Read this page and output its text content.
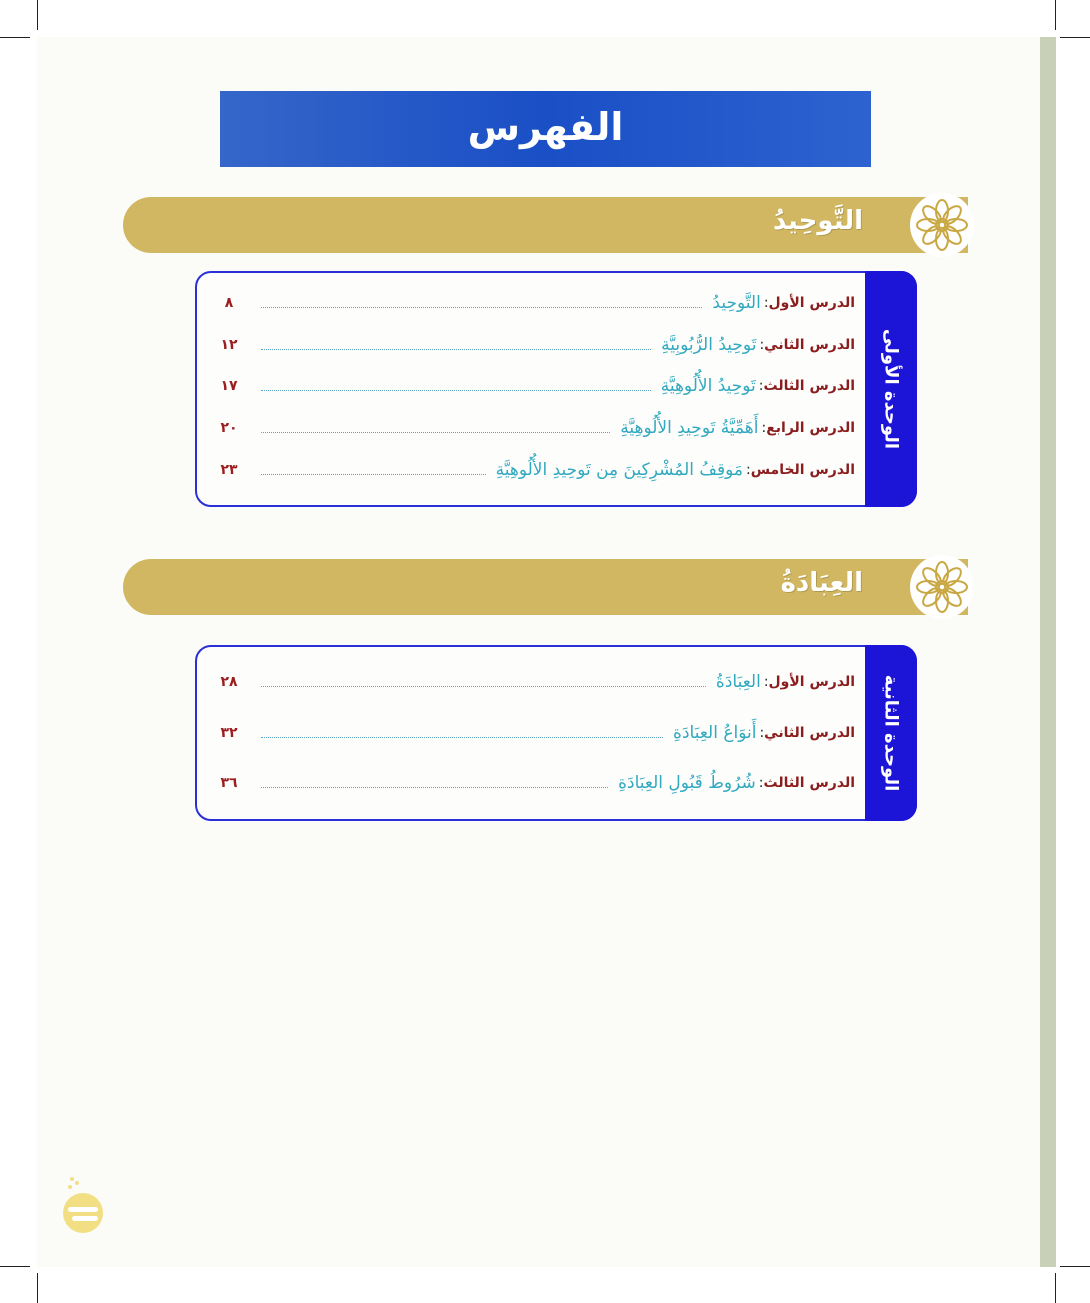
الفهرس
التَّوحِيدُ
الوحدة الأولى
الدرس الأول
:
التَّوحِيدُ
٨
الدرس الثاني
:
تَوحِيدُ الرُّبُوبِيَّةِ
١٢
الدرس الثالث
:
تَوحِيدُ الأُلُوهِيَّةِ
١٧
الدرس الرابع
:
أَهَمِّيَّةُ تَوحِيدِ الأُلُوهِيَّةِ
٢٠
الدرس الخامس
:
مَوقِفُ المُشْرِكِينَ مِن تَوحِيدِ الأُلُوهِيَّةِ
٢٣
العِبَادَةُ
الوحدة الثانية
الدرس الأول
:
العِبَادَةُ
٢٨
الدرس الثاني
:
أَنوَاعُ العِبَادَةِ
٣٢
الدرس الثالث
:
شُرُوطُ قَبُولِ العِبَادَةِ
٣٦
